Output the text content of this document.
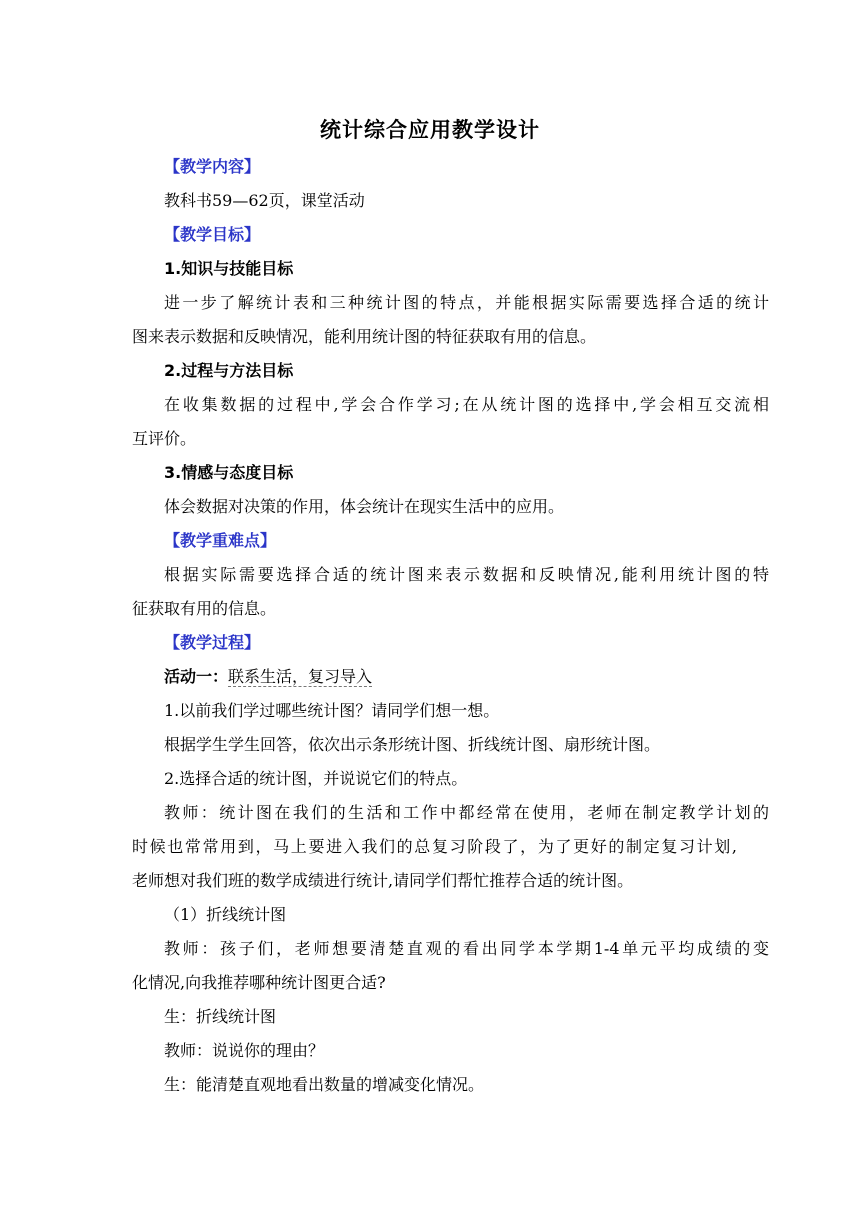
统计综合应用教学设计
【教学内容】
教科书59—62页，课堂活动
【教学目标】
1.知识与技能目标
进一步了解统计表和三种统计图的特点，并能根据实际需要选择合适的统计
图来表示数据和反映情况，能利用统计图的特征获取有用的信息。
2.过程与方法目标
在收集数据的过程中,学会合作学习;在从统计图的选择中,学会相互交流相
互评价。
3.情感与态度目标
体会数据对决策的作用，体会统计在现实生活中的应用。
【教学重难点】
根据实际需要选择合适的统计图来表示数据和反映情况,能利用统计图的特
征获取有用的信息。
【教学过程】
活动一：联系生活，复习导入
1.以前我们学过哪些统计图？请同学们想一想。
根据学生学生回答，依次出示条形统计图、折线统计图、扇形统计图。
2.选择合适的统计图，并说说它们的特点。
教师：统计图在我们的生活和工作中都经常在使用，老师在制定教学计划的
时候也常常用到，马上要进入我们的总复习阶段了，为了更好的制定复习计划,
老师想对我们班的数学成绩进行统计,请同学们帮忙推荐合适的统计图。
（1）折线统计图
教师：孩子们，老师想要清楚直观的看出同学本学期1-4单元平均成绩的变
化情况,向我推荐哪种统计图更合适?
生：折线统计图
教师：说说你的理由？
生：能清楚直观地看出数量的增减变化情况。
